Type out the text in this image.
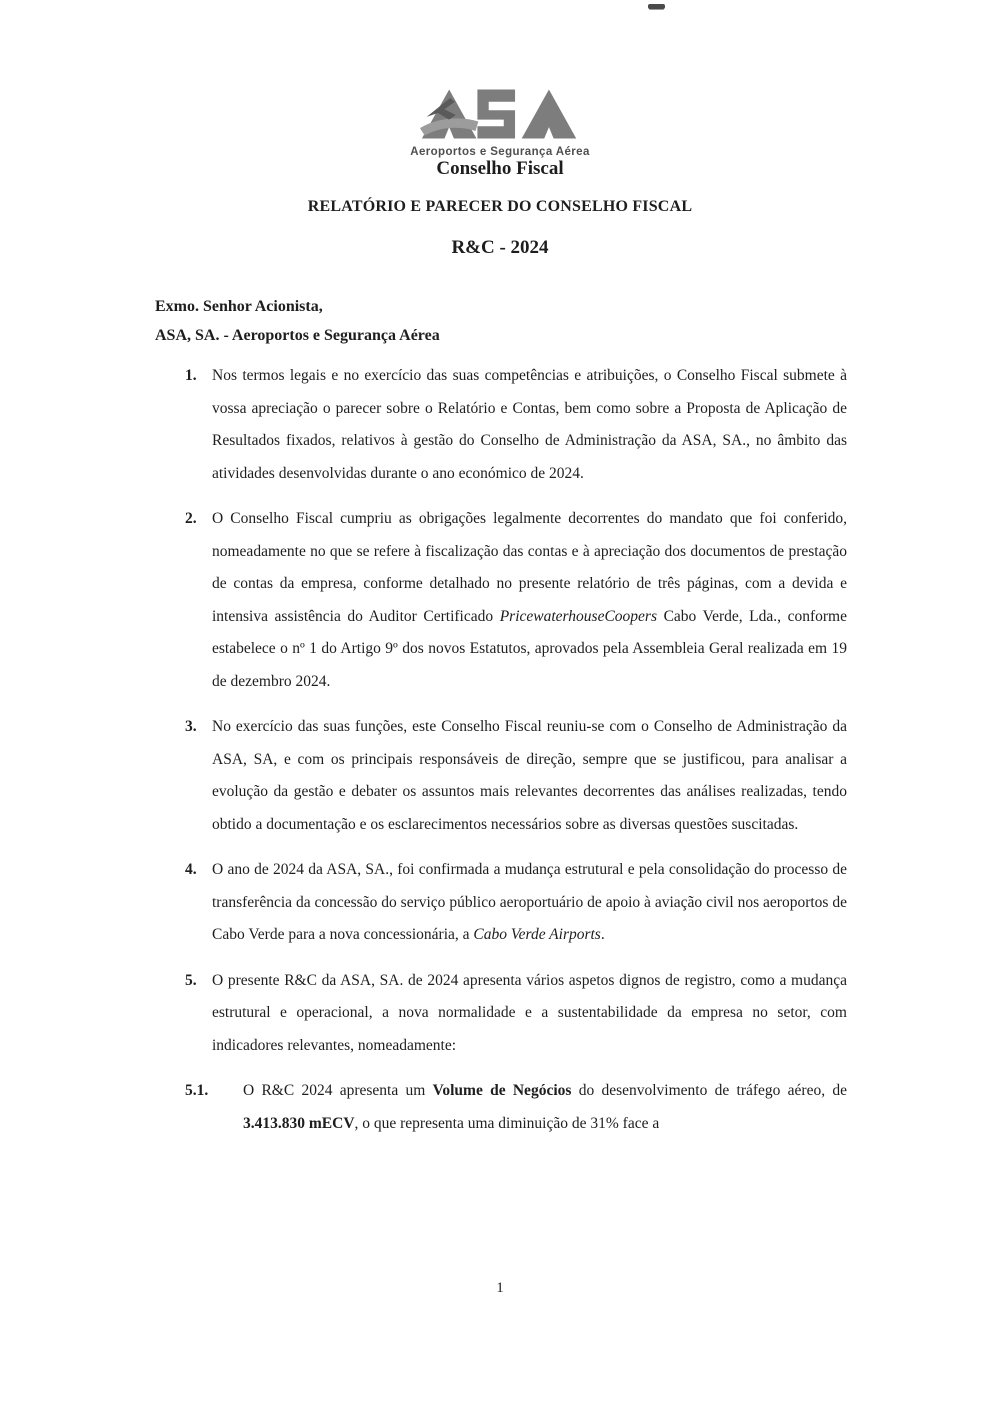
Aeroportos e Segurança Aérea
Conselho Fiscal
RELATÓRIO E PARECER DO CONSELHO FISCAL
R&C - 2024
Exmo. Senhor Acionista,
ASA, SA. - Aeroportos e Segurança Aérea
1. Nos termos legais e no exercício das suas competências e atribuições, o Conselho Fiscal submete à vossa apreciação o parecer sobre o Relatório e Contas, bem como sobre a Proposta de Aplicação de Resultados fixados, relativos à gestão do Conselho de Administração da ASA, SA., no âmbito das atividades desenvolvidas durante o ano económico de 2024.
2. O Conselho Fiscal cumpriu as obrigações legalmente decorrentes do mandato que foi conferido, nomeadamente no que se refere à fiscalização das contas e à apreciação dos documentos de prestação de contas da empresa, conforme detalhado no presente relatório de três páginas, com a devida e intensiva assistência do Auditor Certificado PricewaterhouseCoopers Cabo Verde, Lda., conforme estabelece o nº 1 do Artigo 9º dos novos Estatutos, aprovados pela Assembleia Geral realizada em 19 de dezembro 2024.
3. No exercício das suas funções, este Conselho Fiscal reuniu-se com o Conselho de Administração da ASA, SA, e com os principais responsáveis de direção, sempre que se justificou, para analisar a evolução da gestão e debater os assuntos mais relevantes decorrentes das análises realizadas, tendo obtido a documentação e os esclarecimentos necessários sobre as diversas questões suscitadas.
4. O ano de 2024 da ASA, SA., foi confirmada a mudança estrutural e pela consolidação do processo de transferência da concessão do serviço público aeroportuário de apoio à aviação civil nos aeroportos de Cabo Verde para a nova concessionária, a Cabo Verde Airports.
5. O presente R&C da ASA, SA. de 2024 apresenta vários aspetos dignos de registro, como a mudança estrutural e operacional, a nova normalidade e a sustentabilidade da empresa no setor, com indicadores relevantes, nomeadamente:
5.1.	O R&C 2024 apresenta um Volume de Negócios do desenvolvimento de tráfego aéreo, de 3.413.830 mECV, o que representa uma diminuição de 31% face a
1
